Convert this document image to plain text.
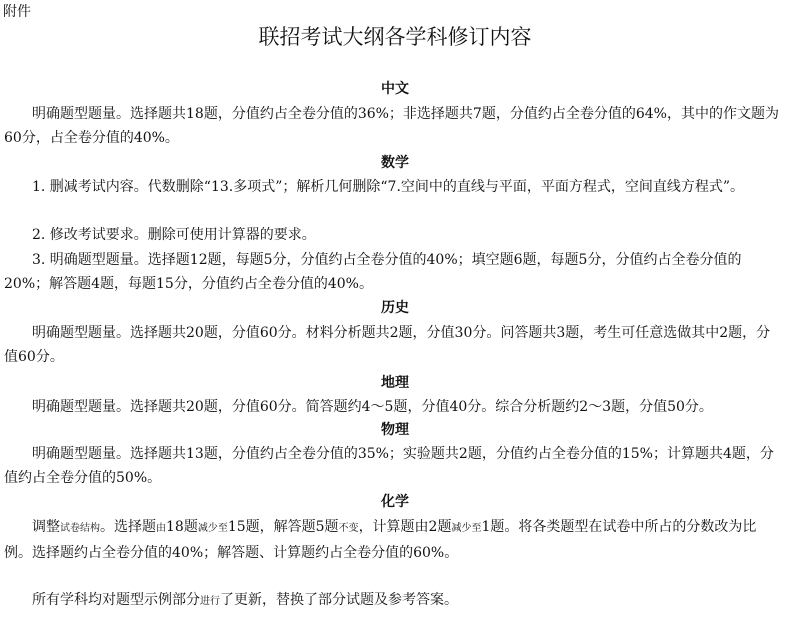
附件
联招考试大纲各学科修订内容
中文

明确题型题量。选择题共18题，分值约占全卷分值的36%；非选择题共7题，分值约占全卷分值的64%，其中的作文题为60分，占全卷分值的40%。

数学

1. 删减考试内容。代数删除“13.多项式”；解析几何删除“7.空间中的直线与平面，平面方程式，空间直线方程式”。

2. 修改考试要求。删除可使用计算器的要求。

3. 明确题型题量。选择题12题，每题5分，分值约占全卷分值的40%；填空题6题，每题5分，分值约占全卷分值的20%；解答题4题，每题15分，分值约占全卷分值的40%。

历史

明确题型题量。选择题共20题，分值60分。材料分析题共2题，分值30分。问答题共3题，考生可任意选做其中2题，分值60分。

地理

明确题型题量。选择题共20题，分值60分。简答题约4～5题，分值40分。综合分析题约2～3题，分值50分。

物理

明确题型题量。选择题共13题，分值约占全卷分值的35%；实验题共2题，分值约占全卷分值的15%；计算题共4题，分值约占全卷分值的50%。

化学

调整试卷结构。选择题由18题减少至15题，解答题5题不变，计算题由2题减少至1题。将各类题型在试卷中所占的分数改为比例。选择题约占全卷分值的40%；解答题、计算题约占全卷分值的60%。

所有学科均对题型示例部分进行了更新，替换了部分试题及参考答案。
